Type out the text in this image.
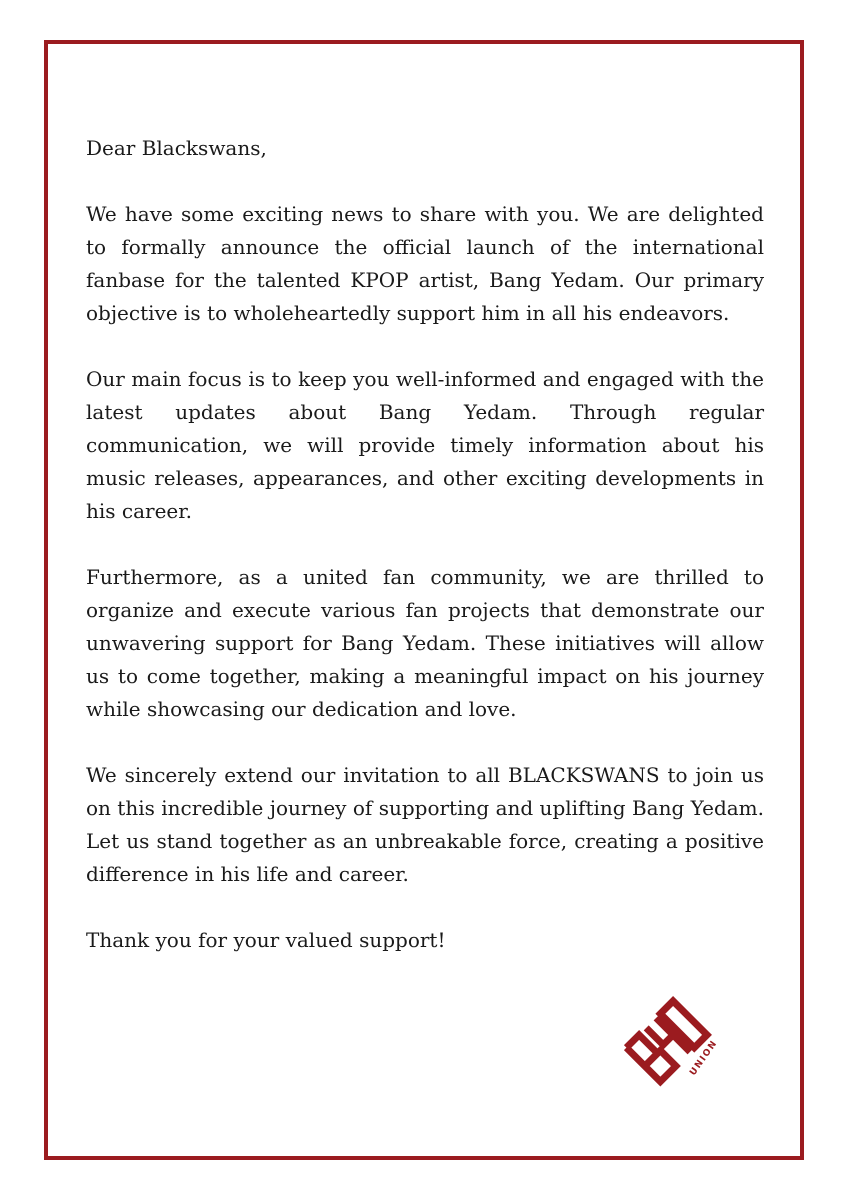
Dear Blackswans,

We have some exciting news to share with you. We are delighted to formally announce the official launch of the international fanbase for the talented KPOP artist, Bang Yedam. Our primary objective is to wholeheartedly support him in all his endeavors.

Our main focus is to keep you well-informed and engaged with the latest updates about Bang Yedam. Through regular communication, we will provide timely information about his music releases, appearances, and other exciting developments in his career.

Furthermore, as a united fan community, we are thrilled to organize and execute various fan projects that demonstrate our unwavering support for Bang Yedam. These initiatives will allow us to come together, making a meaningful impact on his journey while showcasing our dedication and love.

We sincerely extend our invitation to all BLACKSWANS to join us on this incredible journey of supporting and uplifting Bang Yedam. Let us stand together as an unbreakable force, creating a positive difference in his life and career.

Thank you for your valued support!

UNION
